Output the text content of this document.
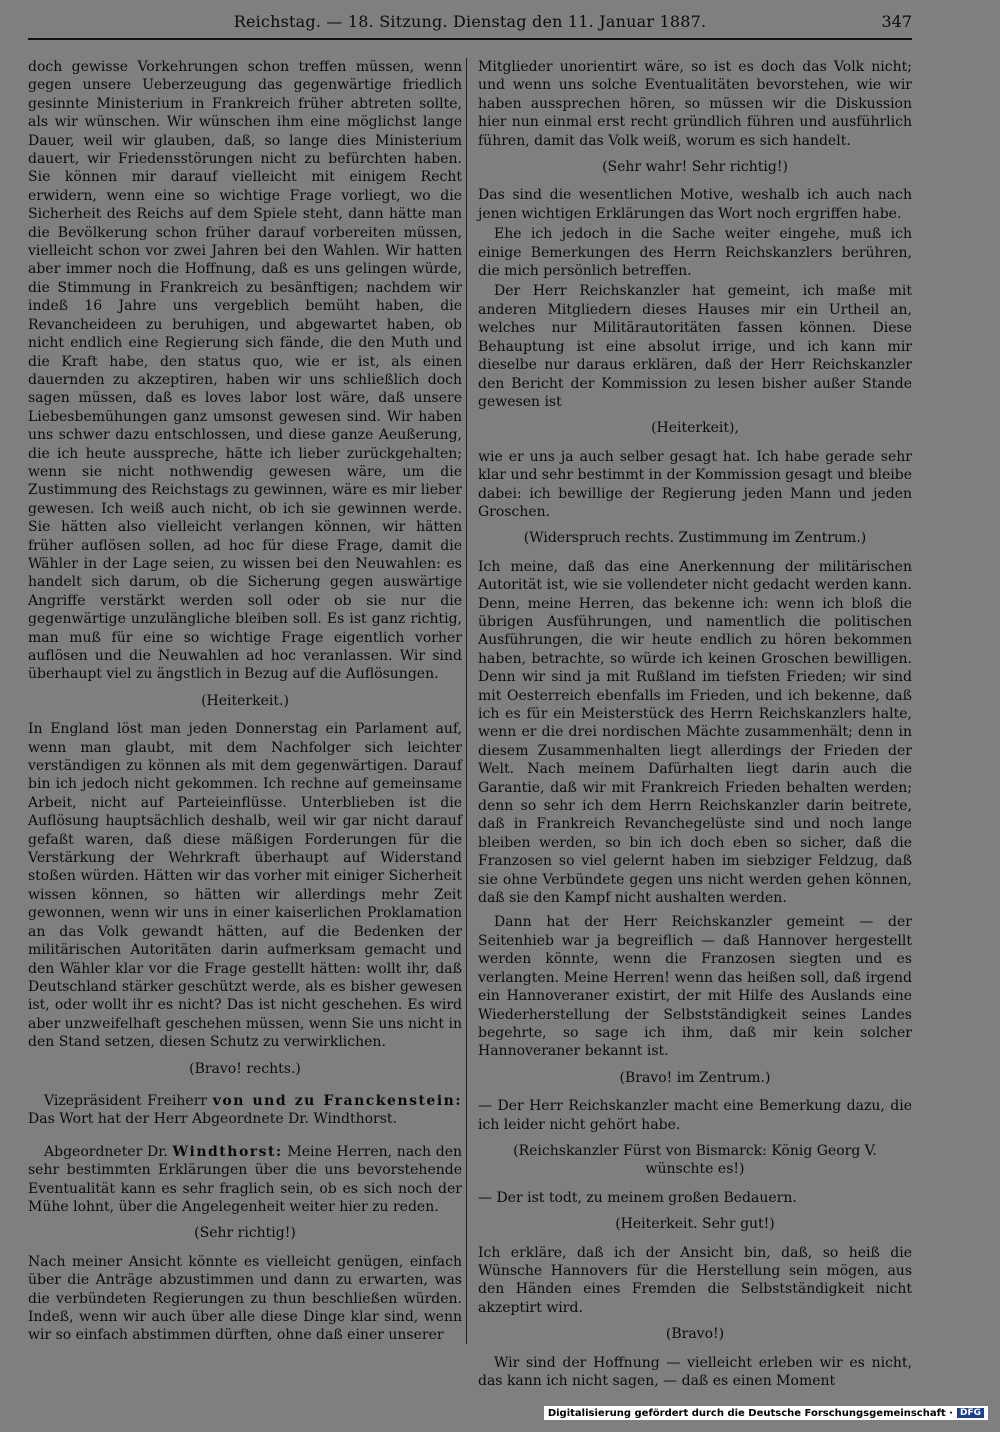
Reichstag. — 18. Sitzung. Dienstag den 11. Januar 1887.	347

doch gewisse Vorkehrungen schon treffen müssen, wenn gegen unsere Ueberzeugung das gegenwärtige friedlich gesinnte Ministerium in Frankreich früher abtreten sollte, als wir wünschen. Wir wünschen ihm eine möglichst lange Dauer, weil wir glauben, daß, so lange dies Ministerium dauert, wir Friedensstörungen nicht zu befürchten haben. Sie können mir darauf vielleicht mit einigem Recht erwidern, wenn eine so wichtige Frage vorliegt, wo die Sicherheit des Reichs auf dem Spiele steht, dann hätte man die Bevölkerung schon früher darauf vorbereiten müssen, vielleicht schon vor zwei Jahren bei den Wahlen. Wir hatten aber immer noch die Hoffnung, daß es uns gelingen würde, die Stimmung in Frankreich zu besänftigen; nachdem wir indeß 16 Jahre uns vergeblich bemüht haben, die Revancheideen zu beruhigen, und abgewartet haben, ob nicht endlich eine Regierung sich fände, die den Muth und die Kraft habe, den status quo, wie er ist, als einen dauernden zu akzeptiren, haben wir uns schließlich doch sagen müssen, daß es loves labor lost wäre, daß unsere Liebesbemühungen ganz umsonst gewesen sind. Wir haben uns schwer dazu entschlossen, und diese ganze Aeußerung, die ich heute ausspreche, hätte ich lieber zurückgehalten; wenn sie nicht nothwendig gewesen wäre, um die Zustimmung des Reichstags zu gewinnen, wäre es mir lieber gewesen. Ich weiß auch nicht, ob ich sie gewinnen werde. Sie hätten also vielleicht verlangen können, wir hätten früher auflösen sollen, ad hoc für diese Frage, damit die Wähler in der Lage seien, zu wissen bei den Neuwahlen: es handelt sich darum, ob die Sicherung gegen auswärtige Angriffe verstärkt werden soll oder ob sie nur die gegenwärtige unzulängliche bleiben soll. Es ist ganz richtig, man muß für eine so wichtige Frage eigentlich vorher auflösen und die Neuwahlen ad hoc veranlassen. Wir sind überhaupt viel zu ängstlich in Bezug auf die Auflösungen.

(Heiterkeit.)

In England löst man jeden Donnerstag ein Parlament auf, wenn man glaubt, mit dem Nachfolger sich leichter verständigen zu können als mit dem gegenwärtigen. Darauf bin ich jedoch nicht gekommen. Ich rechne auf gemeinsame Arbeit, nicht auf Parteieinflüsse. Unterblieben ist die Auflösung hauptsächlich deshalb, weil wir gar nicht darauf gefaßt waren, daß diese mäßigen Forderungen für die Verstärkung der Wehrkraft überhaupt auf Widerstand stoßen würden. Hätten wir das vorher mit einiger Sicherheit wissen können, so hätten wir allerdings mehr Zeit gewonnen, wenn wir uns in einer kaiserlichen Proklamation an das Volk gewandt hätten, auf die Bedenken der militärischen Autoritäten darin aufmerksam gemacht und den Wähler klar vor die Frage gestellt hätten: wollt ihr, daß Deutschland stärker geschützt werde, als es bisher gewesen ist, oder wollt ihr es nicht? Das ist nicht geschehen. Es wird aber unzweifelhaft geschehen müssen, wenn Sie uns nicht in den Stand setzen, diesen Schutz zu verwirklichen.

(Bravo! rechts.)

Vizepräsident Freiherr von und zu Franckenstein: Das Wort hat der Herr Abgeordnete Dr. Windthorst.

Abgeordneter Dr. Windthorst: Meine Herren, nach den sehr bestimmten Erklärungen über die uns bevorstehende Eventualität kann es sehr fraglich sein, ob es sich noch der Mühe lohnt, über die Angelegenheit weiter hier zu reden.

(Sehr richtig!)

Nach meiner Ansicht könnte es vielleicht genügen, einfach über die Anträge abzustimmen und dann zu erwarten, was die verbündeten Regierungen zu thun beschließen würden. Indeß, wenn wir auch über alle diese Dinge klar sind, wenn wir so einfach abstimmen dürften, ohne daß einer unserer

Mitglieder unorientirt wäre, so ist es doch das Volk nicht; und wenn uns solche Eventualitäten bevorstehen, wie wir haben aussprechen hören, so müssen wir die Diskussion hier nun einmal erst recht gründlich führen und ausführlich führen, damit das Volk weiß, worum es sich handelt.

(Sehr wahr! Sehr richtig!)

Das sind die wesentlichen Motive, weshalb ich auch nach jenen wichtigen Erklärungen das Wort noch ergriffen habe.

Ehe ich jedoch in die Sache weiter eingehe, muß ich einige Bemerkungen des Herrn Reichskanzlers berühren, die mich persönlich betreffen.

Der Herr Reichskanzler hat gemeint, ich maße mit anderen Mitgliedern dieses Hauses mir ein Urtheil an, welches nur Militärautoritäten fassen können. Diese Behauptung ist eine absolut irrige, und ich kann mir dieselbe nur daraus erklären, daß der Herr Reichskanzler den Bericht der Kommission zu lesen bisher außer Stande gewesen ist

(Heiterkeit),

wie er uns ja auch selber gesagt hat. Ich habe gerade sehr klar und sehr bestimmt in der Kommission gesagt und bleibe dabei: ich bewillige der Regierung jeden Mann und jeden Groschen.

(Widerspruch rechts. Zustimmung im Zentrum.)

Ich meine, daß das eine Anerkennung der militärischen Autorität ist, wie sie vollendeter nicht gedacht werden kann. Denn, meine Herren, das bekenne ich: wenn ich bloß die übrigen Ausführungen, und namentlich die politischen Ausführungen, die wir heute endlich zu hören bekommen haben, betrachte, so würde ich keinen Groschen bewilligen. Denn wir sind ja mit Rußland im tiefsten Frieden; wir sind mit Oesterreich ebenfalls im Frieden, und ich bekenne, daß ich es für ein Meisterstück des Herrn Reichskanzlers halte, wenn er die drei nordischen Mächte zusammenhält; denn in diesem Zusammenhalten liegt allerdings der Frieden der Welt. Nach meinem Dafürhalten liegt darin auch die Garantie, daß wir mit Frankreich Frieden behalten werden; denn so sehr ich dem Herrn Reichskanzler darin beitrete, daß in Frankreich Revanchegelüste sind und noch lange bleiben werden, so bin ich doch eben so sicher, daß die Franzosen so viel gelernt haben im siebziger Feldzug, daß sie ohne Verbündete gegen uns nicht werden gehen können, daß sie den Kampf nicht aushalten werden.

Dann hat der Herr Reichskanzler gemeint — der Seitenhieb war ja begreiflich — daß Hannover hergestellt werden könnte, wenn die Franzosen siegten und es verlangten. Meine Herren! wenn das heißen soll, daß irgend ein Hannoveraner existirt, der mit Hilfe des Auslands eine Wiederherstellung der Selbstständigkeit seines Landes begehrte, so sage ich ihm, daß mir kein solcher Hannoveraner bekannt ist.

(Bravo! im Zentrum.)

— Der Herr Reichskanzler macht eine Bemerkung dazu, die ich leider nicht gehört habe.

(Reichskanzler Fürst von Bismarck: König Georg V. wünschte es!)

— Der ist todt, zu meinem großen Bedauern.

(Heiterkeit. Sehr gut!)

Ich erkläre, daß ich der Ansicht bin, daß, so heiß die Wünsche Hannovers für die Herstellung sein mögen, aus den Händen eines Fremden die Selbstständigkeit nicht akzeptirt wird.

(Bravo!)

Wir sind der Hoffnung — vielleicht erleben wir es nicht, das kann ich nicht sagen, — daß es einen Moment

Digitalisierung gefördert durch die Deutsche Forschungsgemeinschaft · DFG
